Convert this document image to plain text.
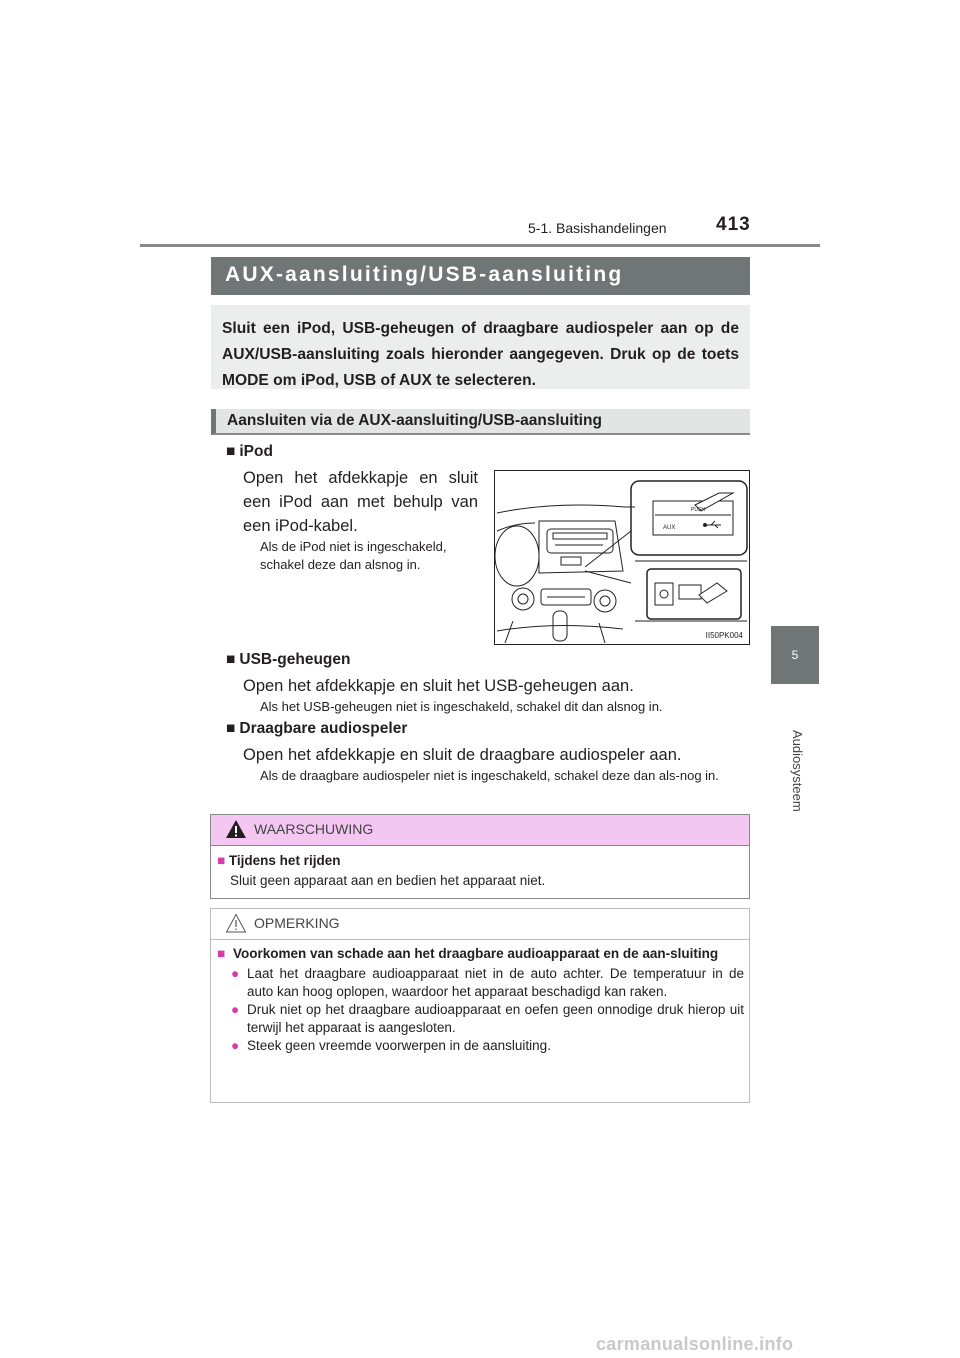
5-1. Basishandelingen	413
5
Audiosysteem
AUX-aansluiting/USB-aansluiting
Sluit een iPod, USB-geheugen of draagbare audiospeler aan op de AUX/USB-aansluiting zoals hieronder aangegeven. Druk op de toets MODE om iPod, USB of AUX te selecteren.
Aansluiten via de AUX-aansluiting/USB-aansluiting
■ iPod
Open het afdekkapje en sluit een iPod aan met behulp van een iPod-kabel.
Als de iPod niet is ingeschakeld, schakel deze dan alsnog in.
PUSH
AUX
II50PK004
■ USB-geheugen
Open het afdekkapje en sluit het USB-geheugen aan.
Als het USB-geheugen niet is ingeschakeld, schakel dit dan alsnog in.
■ Draagbare audiospeler
Open het afdekkapje en sluit de draagbare audiospeler aan.
Als de draagbare audiospeler niet is ingeschakeld, schakel deze dan als-nog in.
WAARSCHUWING
■ Tijdens het rijden
Sluit geen apparaat aan en bedien het apparaat niet.
OPMERKING
■ Voorkomen van schade aan het draagbare audioapparaat en de aan-sluiting
● Laat het draagbare audioapparaat niet in de auto achter. De temperatuur in de auto kan hoog oplopen, waardoor het apparaat beschadigd kan raken.
● Druk niet op het draagbare audioapparaat en oefen geen onnodige druk hierop uit terwijl het apparaat is aangesloten.
● Steek geen vreemde voorwerpen in de aansluiting.
carmanualsonline.info
